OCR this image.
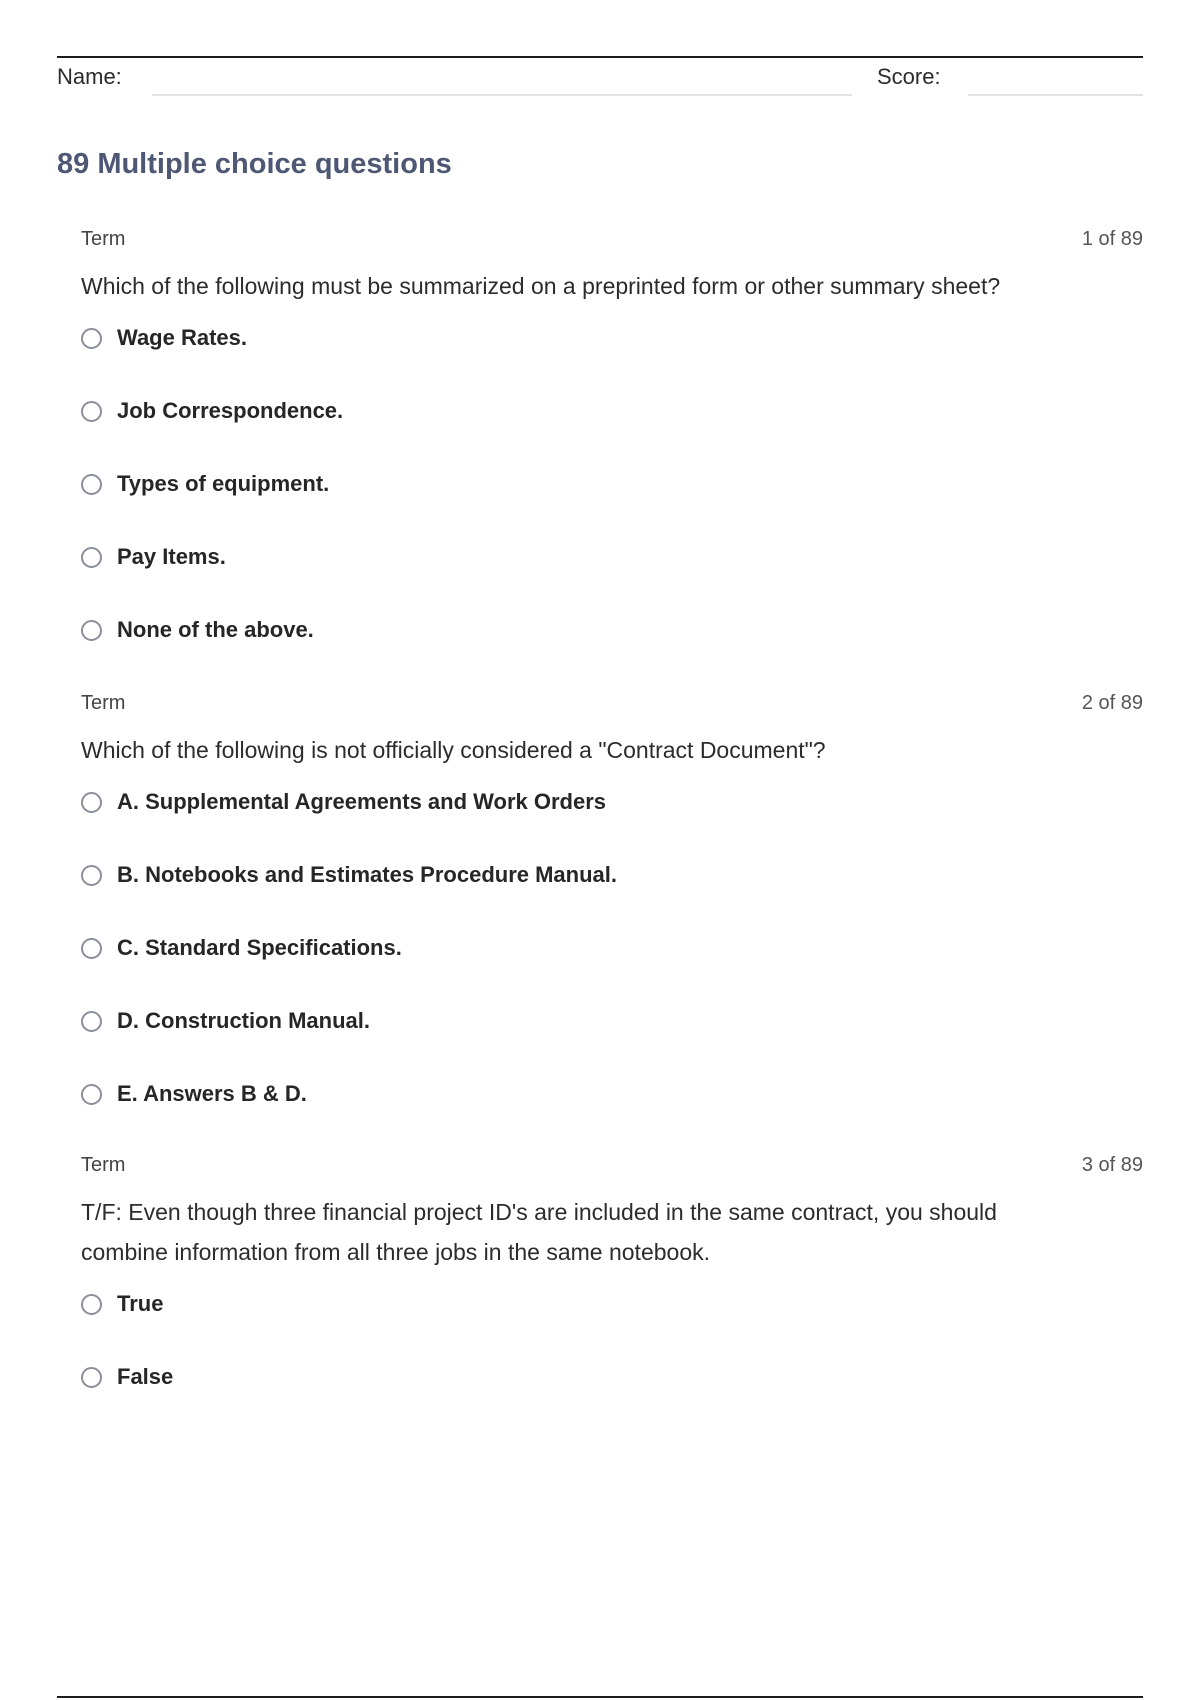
Name:	Score:
89 Multiple choice questions
Term	1 of 89

Which of the following must be summarized on a preprinted form or other summary sheet?

Wage Rates.
Job Correspondence.
Types of equipment.
Pay Items.
None of the above.
Term	2 of 89

Which of the following is not officially considered a "Contract Document"?

A. Supplemental Agreements and Work Orders
B. Notebooks and Estimates Procedure Manual.
C. Standard Specifications.
D. Construction Manual.
E. Answers B & D.
Term	3 of 89

T/F: Even though three financial project ID's are included in the same contract, you should combine information from all three jobs in the same notebook.

True
False
